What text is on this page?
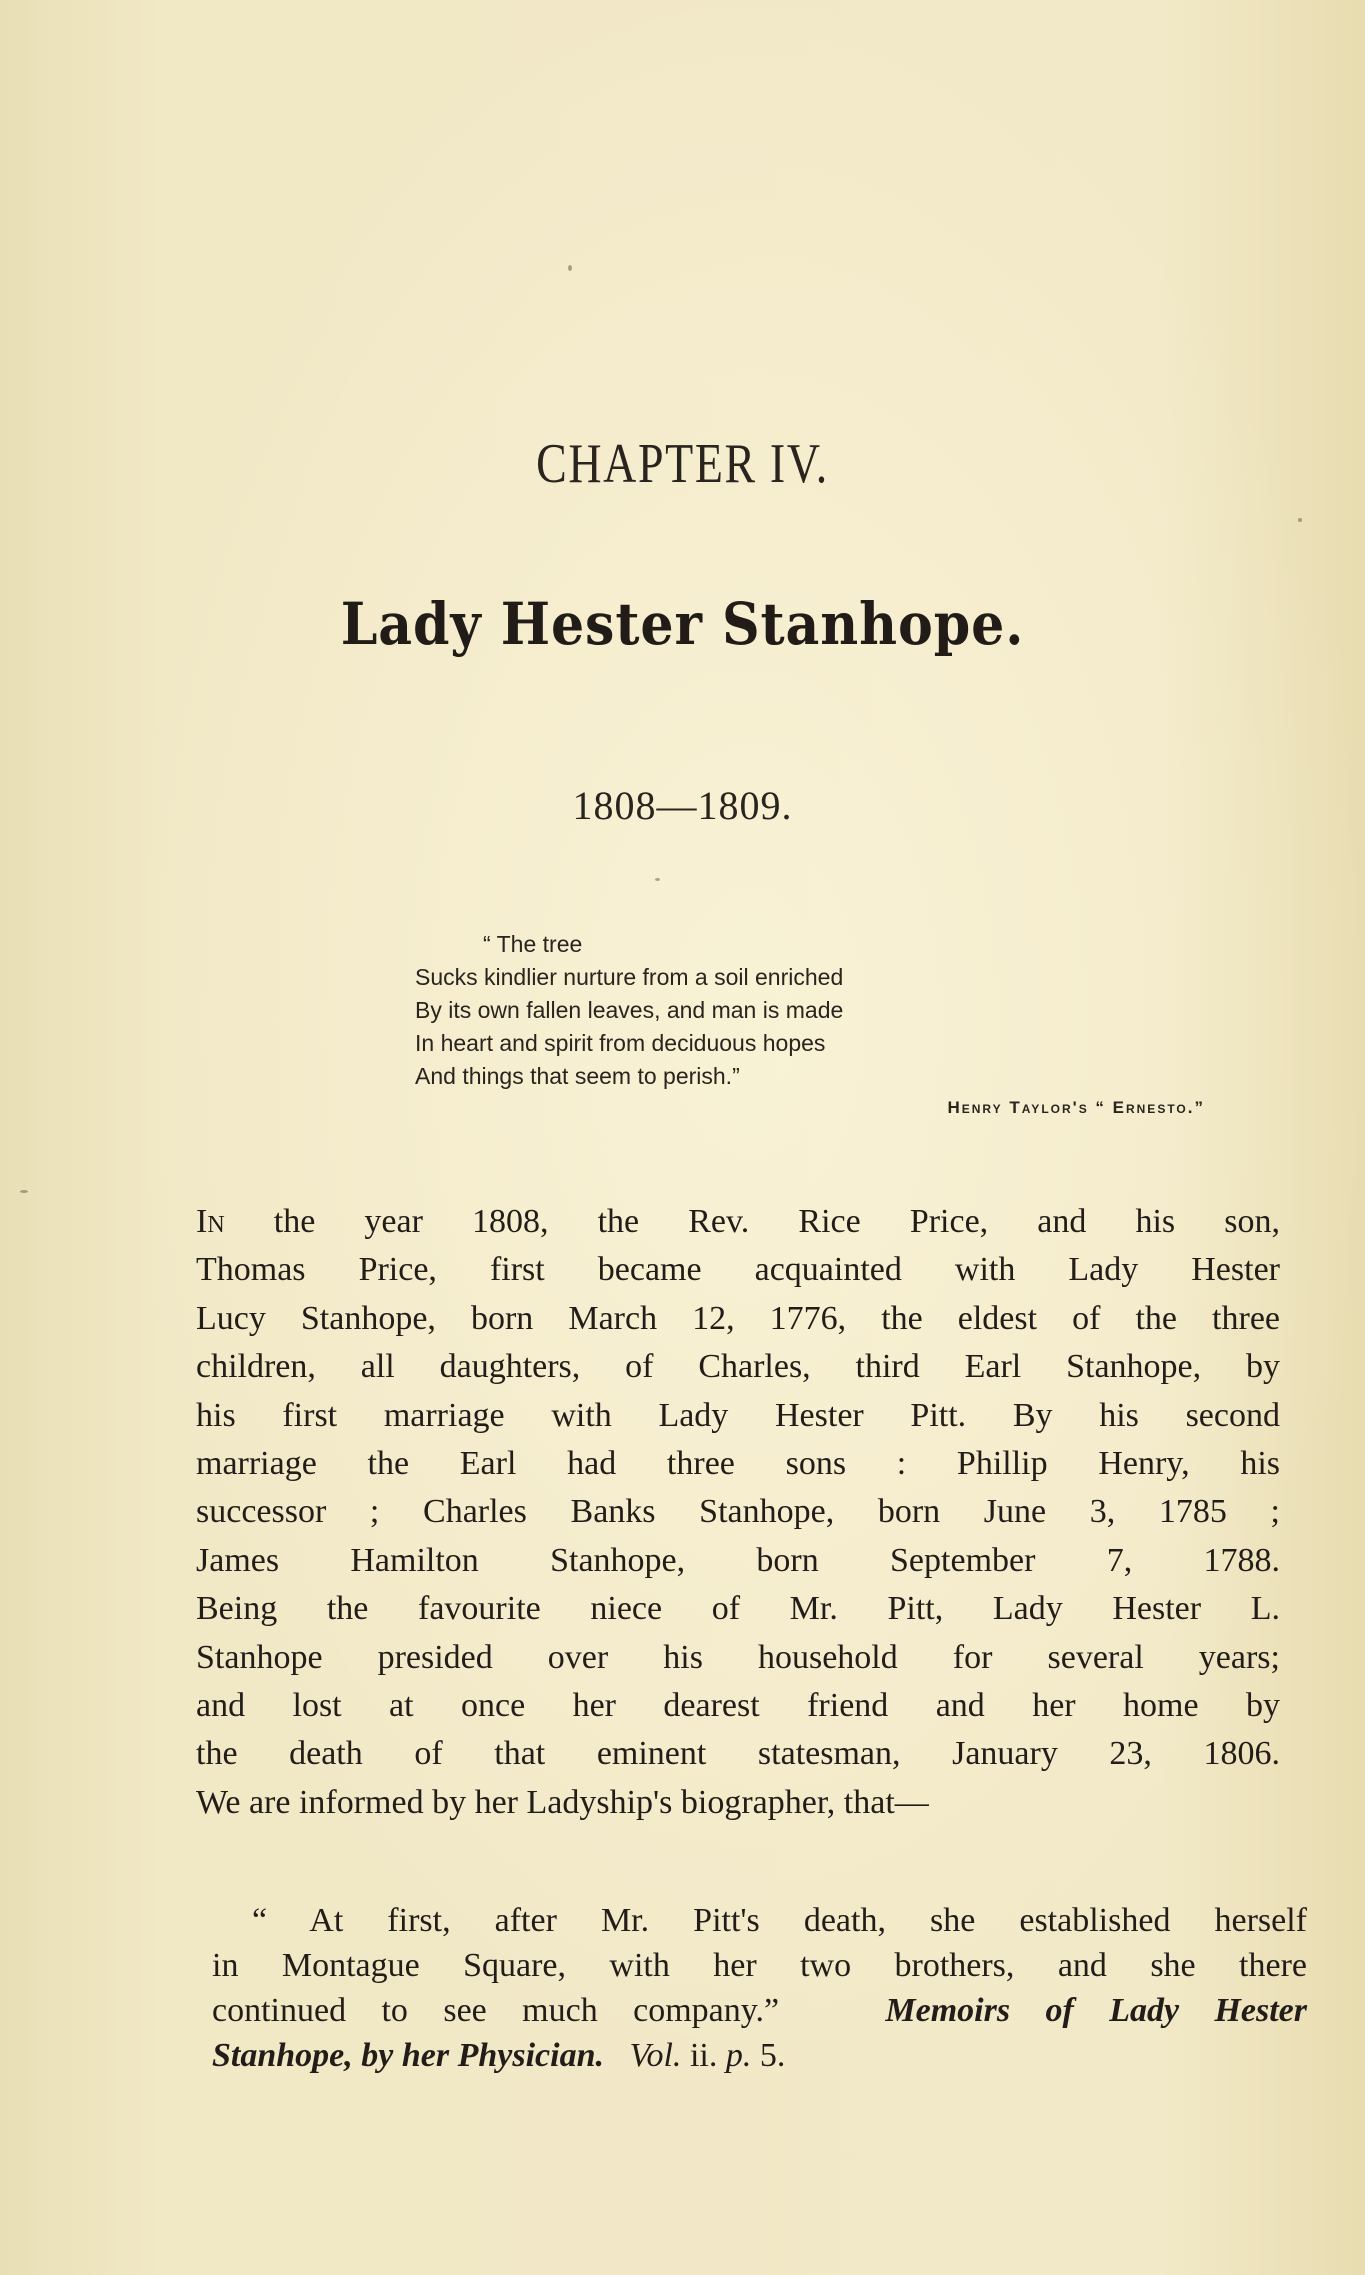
CHAPTER IV.
Lady Hester Stanhope.
1808—1809.
“ The tree
Sucks kindlier nurture from a soil enriched
By its own fallen leaves, and man is made
In heart and spirit from deciduous hopes
And things that seem to perish.”
Henry Taylor's “ Ernesto.”
In the year 1808, the Rev. Rice Price, and his son,
Thomas Price, first became acquainted with Lady Hester
Lucy Stanhope, born March 12, 1776, the eldest of the three
children, all daughters, of Charles, third Earl Stanhope, by
his first marriage with Lady Hester Pitt. By his second
marriage the Earl had three sons : Phillip Henry, his
successor ; Charles Banks Stanhope, born June 3, 1785 ;
James Hamilton Stanhope, born September 7, 1788.
Being the favourite niece of Mr. Pitt, Lady Hester L.
Stanhope presided over his household for several years;
and lost at once her dearest friend and her home by
the death of that eminent statesman, January 23, 1806.
We are informed by her Ladyship's biographer, that—
“ At first, after Mr. Pitt's death, she established herself
in Montague Square, with her two brothers, and she there
continued to see much company.”	Memoirs of Lady Hester
Stanhope, by her Physician. Vol. ii. p. 5.
